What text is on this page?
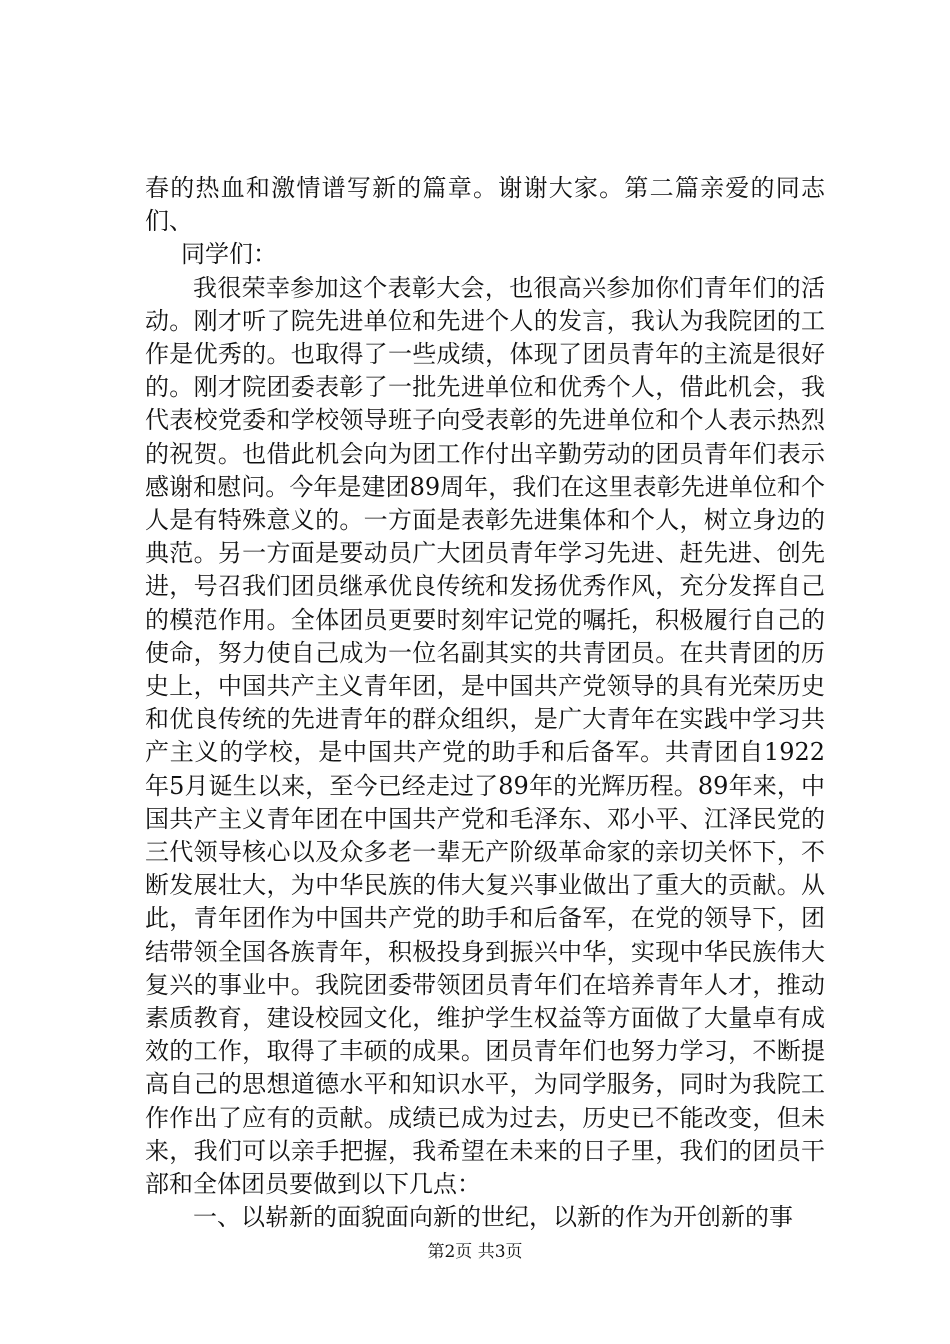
春的热血和激情谱写新的篇章。谢谢大家。第二篇亲爱的同志们、

同学们：

我很荣幸参加这个表彰大会，也很高兴参加你们青年们的活动。刚才听了院先进单位和先进个人的发言，我认为我院团的工作是优秀的。也取得了一些成绩，体现了团员青年的主流是很好的。刚才院团委表彰了一批先进单位和优秀个人，借此机会，我代表校党委和学校领导班子向受表彰的先进单位和个人表示热烈的祝贺。也借此机会向为团工作付出辛勤劳动的团员青年们表示感谢和慰问。今年是建团89周年，我们在这里表彰先进单位和个人是有特殊意义的。一方面是表彰先进集体和个人，树立身边的典范。另一方面是要动员广大团员青年学习先进、赶先进、创先进，号召我们团员继承优良传统和发扬优秀作风，充分发挥自己的模范作用。全体团员更要时刻牢记党的嘱托，积极履行自己的使命，努力使自己成为一位名副其实的共青团员。在共青团的历史上，中国共产主义青年团，是中国共产党领导的具有光荣历史和优良传统的先进青年的群众组织，是广大青年在实践中学习共产主义的学校，是中国共产党的助手和后备军。共青团自1922年5月诞生以来，至今已经走过了89年的光辉历程。89年来，中国共产主义青年团在中国共产党和毛泽东、邓小平、江泽民党的三代领导核心以及众多老一辈无产阶级革命家的亲切关怀下，不断发展壮大，为中华民族的伟大复兴事业做出了重大的贡献。从此，青年团作为中国共产党的助手和后备军，在党的领导下，团结带领全国各族青年，积极投身到振兴中华，实现中华民族伟大复兴的事业中。我院团委带领团员青年们在培养青年人才，推动素质教育，建设校园文化，维护学生权益等方面做了大量卓有成效的工作，取得了丰硕的成果。团员青年们也努力学习，不断提高自己的思想道德水平和知识水平，为同学服务，同时为我院工作作出了应有的贡献。成绩已成为过去，历史已不能改变，但未来，我们可以亲手把握，我希望在未来的日子里，我们的团员干部和全体团员要做到以下几点：

一、以崭新的面貌面向新的世纪，以新的作为开创新的事

第2页 共3页
